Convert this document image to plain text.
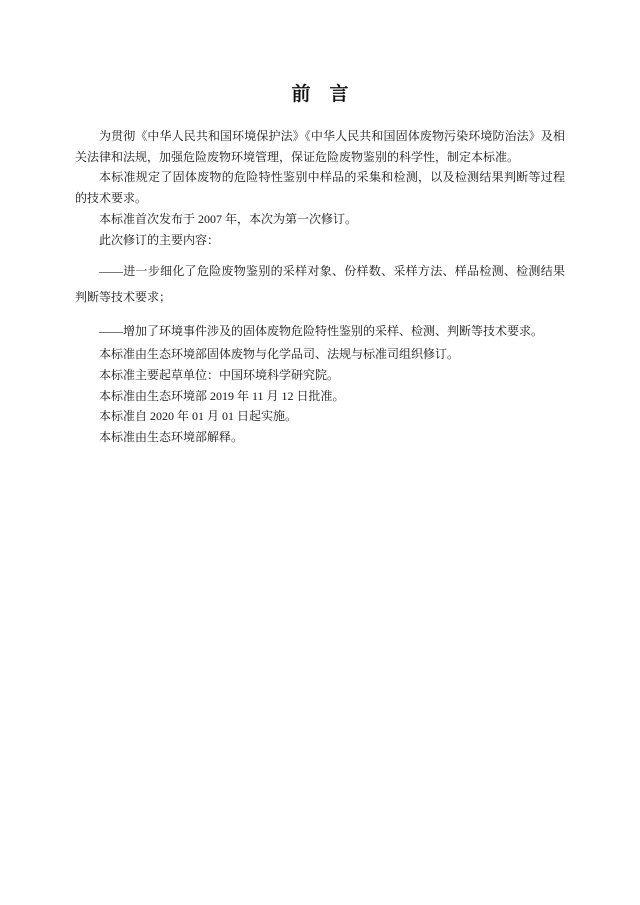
前　言

为贯彻《中华人民共和国环境保护法》《中华人民共和国固体废物污染环境防治法》及相关法律和法规，加强危险废物环境管理，保证危险废物鉴别的科学性，制定本标准。

本标准规定了固体废物的危险特性鉴别中样品的采集和检测，以及检测结果判断等过程的技术要求。

本标准首次发布于 2007 年，本次为第一次修订。

此次修订的主要内容：

——进一步细化了危险废物鉴别的采样对象、份样数、采样方法、样品检测、检测结果判断等技术要求；

——增加了环境事件涉及的固体废物危险特性鉴别的采样、检测、判断等技术要求。

本标准由生态环境部固体废物与化学品司、法规与标准司组织修订。

本标准主要起草单位：中国环境科学研究院。

本标准由生态环境部 2019 年 11 月 12 日批准。

本标准自 2020 年 01 月 01 日起实施。

本标准由生态环境部解释。
